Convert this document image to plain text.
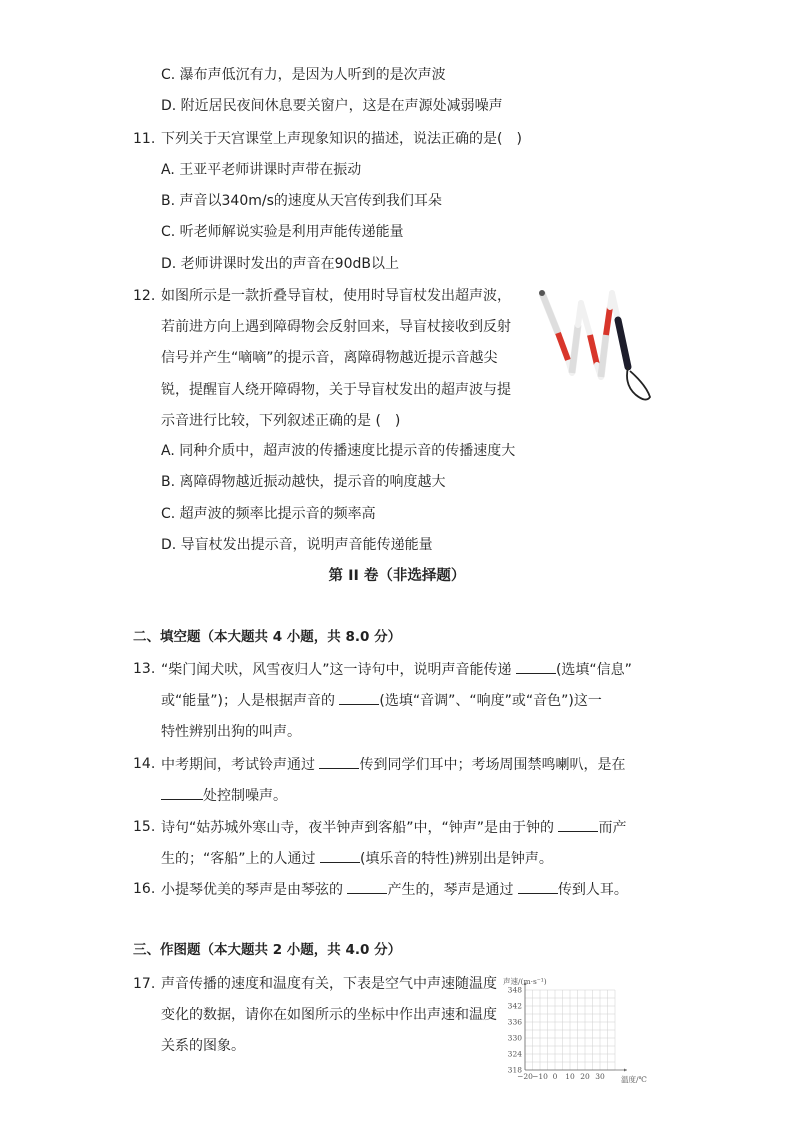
C. 瀑布声低沉有力，是因为人听到的是次声波
D. 附近居民夜间休息要关窗户，这是在声源处减弱噪声
11. 下列关于天宫课堂上声现象知识的描述，说法正确的是(　)
A. 王亚平老师讲课时声带在振动
B. 声音以340m/s的速度从天宫传到我们耳朵
C. 听老师解说实验是利用声能传递能量
D. 老师讲课时发出的声音在90dB以上
12. 如图所示是一款折叠导盲杖，使用时导盲杖发出超声波，若前进方向上遇到障碍物会反射回来，导盲杖接收到反射信号并产生“嘀嘀”的提示音，离障碍物越近提示音越尖锐，提醒盲人绕开障碍物，关于导盲杖发出的超声波与提示音进行比较，下列叙述正确的是 (　)
A. 同种介质中，超声波的传播速度比提示音的传播速度大
B. 离障碍物越近振动越快，提示音的响度越大
C. 超声波的频率比提示音的频率高
D. 导盲杖发出提示音，说明声音能传递能量
第 II 卷（非选择题）
二、填空题（本大题共 4 小题，共 8.0 分）
13. “柴门闻犬吠，风雪夜归人”这一诗句中，说明声音能传递	(选填“信息”
或“能量”)；人是根据声音的	(选填“音调”、“响度”或“音色”)这一
特性辨别出狗的叫声。
14. 中考期间，考试铃声通过	传到同学们耳中；考场周围禁鸣喇叭，是在
处控制噪声。
15. 诗句“姑苏城外寒山寺，夜半钟声到客船”中，“钟声”是由于钟的	而产
生的；“客船”上的人通过	(填乐音的特性)辨别出是钟声。
16. 小提琴优美的琴声是由琴弦的	产生的，琴声是通过	传到人耳。
三、作图题（本大题共 2 小题，共 4.0 分）
17. 声音传播的速度和温度有关，下表是空气中声速随温度
变化的数据，请你在如图所示的坐标中作出声速和温度
关系的图象。
−20 −10 0 10 20 30
318
324
330
336
342
348
声速/(m·s⁻¹)
温度/℃
